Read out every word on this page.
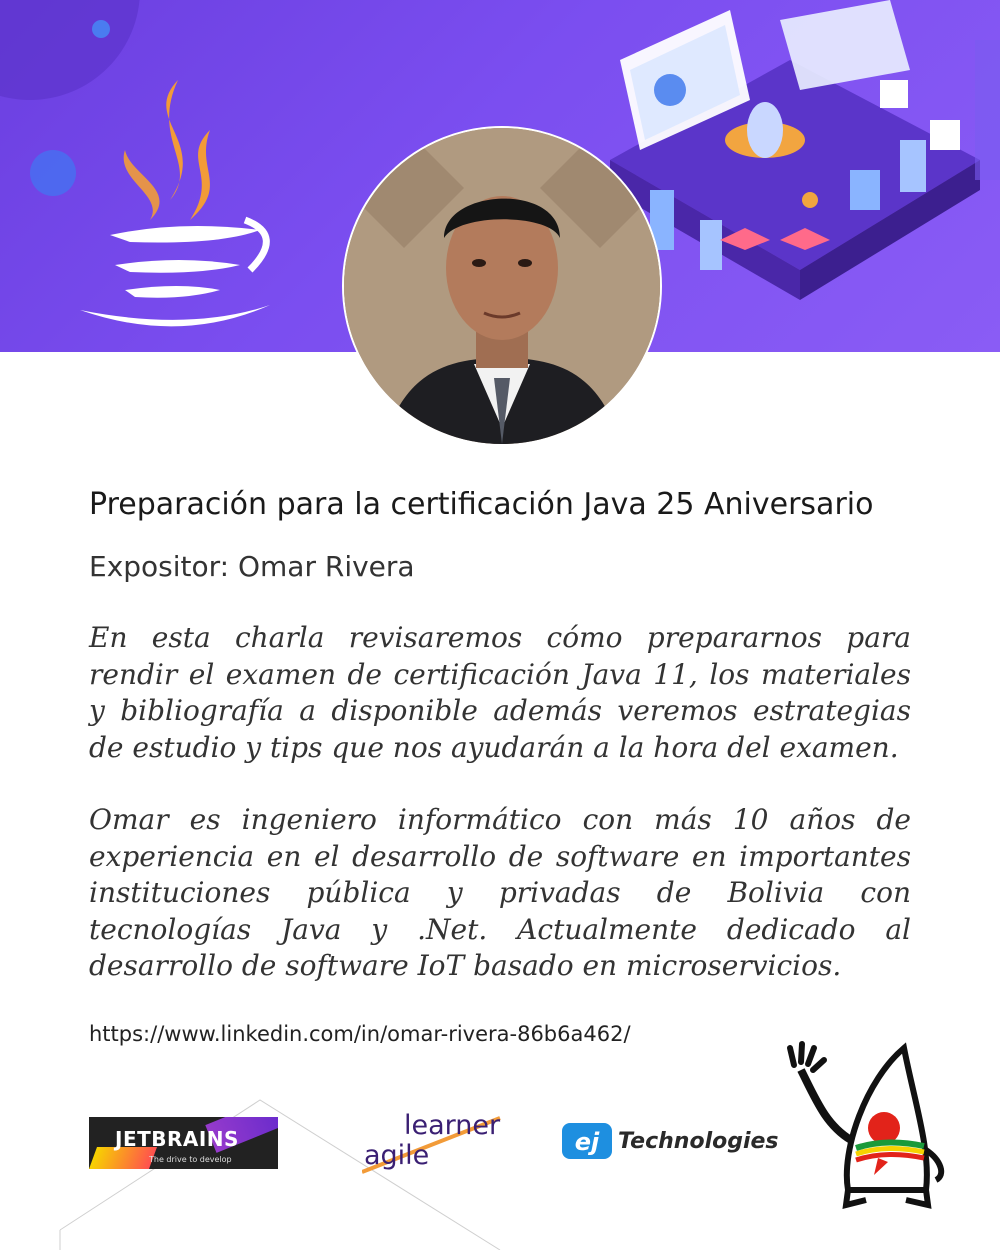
Preparación para la certificación Java 25 Aniversario
Expositor: Omar Rivera

En esta charla revisaremos cómo prepararnos para rendir el examen de certificación Java 11, los materiales y bibliografía a disponible además veremos estrategias de estudio y tips que nos ayudarán a la hora del examen.

Omar es ingeniero informático con más 10 años de experiencia en el desarrollo de software en importantes instituciones pública y privadas de Bolivia con tecnologías Java y .Net. Actualmente dedicado al desarrollo de software IoT basado en microservicios.

https://www.linkedin.com/in/omar-rivera-86b6a462/
JETBRAINS
The drive to develop
learner
agile	ej Technologies
